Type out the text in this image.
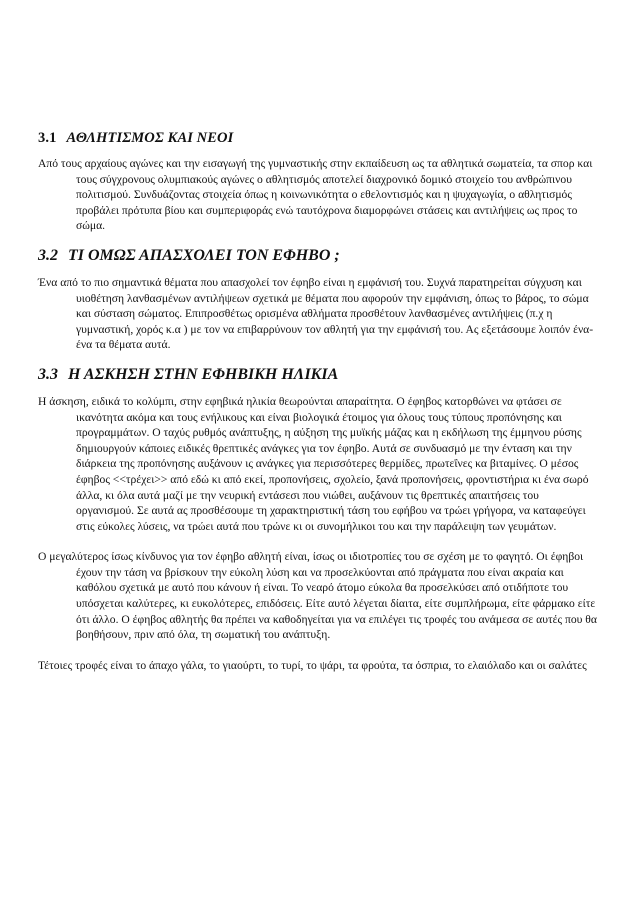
3.1 ΑΘΛΗΤΙΣΜΟΣ ΚΑΙ ΝΕΟΙ

Από τους αρχαίους αγώνες και την εισαγωγή της γυμναστικής στην εκπαίδευση ως τα αθλητικά σωματεία, τα σπορ και τους σύγχρονους ολυμπιακούς αγώνες ο αθλητισμός αποτελεί διαχρονικό δομικό στοιχείο του ανθρώπινου πολιτισμού. Συνδυάζοντας στοιχεία όπως η κοινωνικότητα ο εθελοντισμός και η ψυχαγωγία, ο αθλητισμός προβάλει πρότυπα βίου και συμπεριφοράς ενώ ταυτόχρονα διαμορφώνει στάσεις και αντιλήψεις ως προς το σώμα.

3.2 ΤΙ ΟΜΩΣ ΑΠΑΣΧΟΛΕΙ ΤΟΝ ΕΦΗΒΟ ;

Ένα από το πιο σημαντικά θέματα που απασχολεί τον έφηβο είναι η εμφάνισή του. Συχνά παρατηρείται σύγχυση και υιοθέτηση λανθασμένων αντιλήψεων σχετικά με θέματα που αφορούν την εμφάνιση, όπως το βάρος, το σώμα και σύσταση σώματος. Επιπροσθέτως ορισμένα αθλήματα προσθέτουν λανθασμένες αντιλήψεις (π.χ η γυμναστική, χορός κ.α ) με τον να επιβαρρύνουν τον αθλητή για την εμφάνισή του. Ας εξετάσουμε λοιπόν ένα-ένα τα θέματα αυτά.

3.3 Η ΑΣΚΗΣΗ ΣΤΗΝ ΕΦΗΒΙΚΗ ΗΛΙΚΙΑ

Η άσκηση, ειδικά το κολύμπι, στην εφηβικά ηλικία θεωρούνται απαραίτητα. Ο έφηβος κατορθώνει να φτάσει σε ικανότητα ακόμα και τους ενήλικους και είναι βιολογικά έτοιμος για όλους τους τύπους προπόνησης και προγραμμάτων. Ο ταχύς ρυθμός ανάπτυξης, η αύξηση της μυϊκής μάζας και η εκδήλωση της έμμηνου ρύσης δημιουργούν κάποιες ειδικές θρεπτικές ανάγκες για τον έφηβο. Αυτά σε συνδυασμό με την ένταση και την διάρκεια της προπόνησης αυξάνουν ις ανάγκες για περισσότερες θερμίδες, πρωτεΐνες κα βιταμίνες. Ο μέσος έφηβος <<τρέχει>> από εδώ κι από εκεί, προπονήσεις, σχολείο, ξανά προπονήσεις, φροντιστήρια κι ένα σωρό άλλα, κι όλα αυτά μαζί με την νευρική εντάσεσι που νιώθει, αυξάνουν τις θρεπτικές απαιτήσεις του οργανισμού. Σε αυτά ας προσθέσουμε τη χαρακτηριστική τάση του εφήβου να τρώει γρήγορα, να καταφεύγει στις εύκολες λύσεις, να τρώει αυτά που τρώνε κι οι συνομήλικοι του και την παράλειψη των γευμάτων.

Ο μεγαλύτερος ίσως κίνδυνος για τον έφηβο αθλητή είναι, ίσως οι ιδιοτροπίες του σε σχέση με το φαγητό. Οι έφηβοι έχουν την τάση να βρίσκουν την εύκολη λύση και να προσελκύονται από πράγματα που είναι ακραία και καθόλου σχετικά με αυτό που κάνουν ή είναι. Το νεαρό άτομο εύκολα θα προσελκύσει από οτιδήποτε του υπόσχεται καλύτερες, κι ευκολότερες, επιδόσεις. Είτε αυτό λέγεται δίαιτα, είτε συμπλήρωμα, είτε φάρμακο είτε ότι άλλο. Ο έφηβος αθλητής θα πρέπει να καθοδηγείται για να επιλέγει τις τροφές του ανάμεσα σε αυτές που θα βοηθήσουν, πριν από όλα, τη σωματική του ανάπτυξη.

Τέτοιες τροφές είναι το άπαχο γάλα, το γιαούρτι, το τυρί, το ψάρι, τα φρούτα, τα όσπρια, το ελαιόλαδο και οι σαλάτες
